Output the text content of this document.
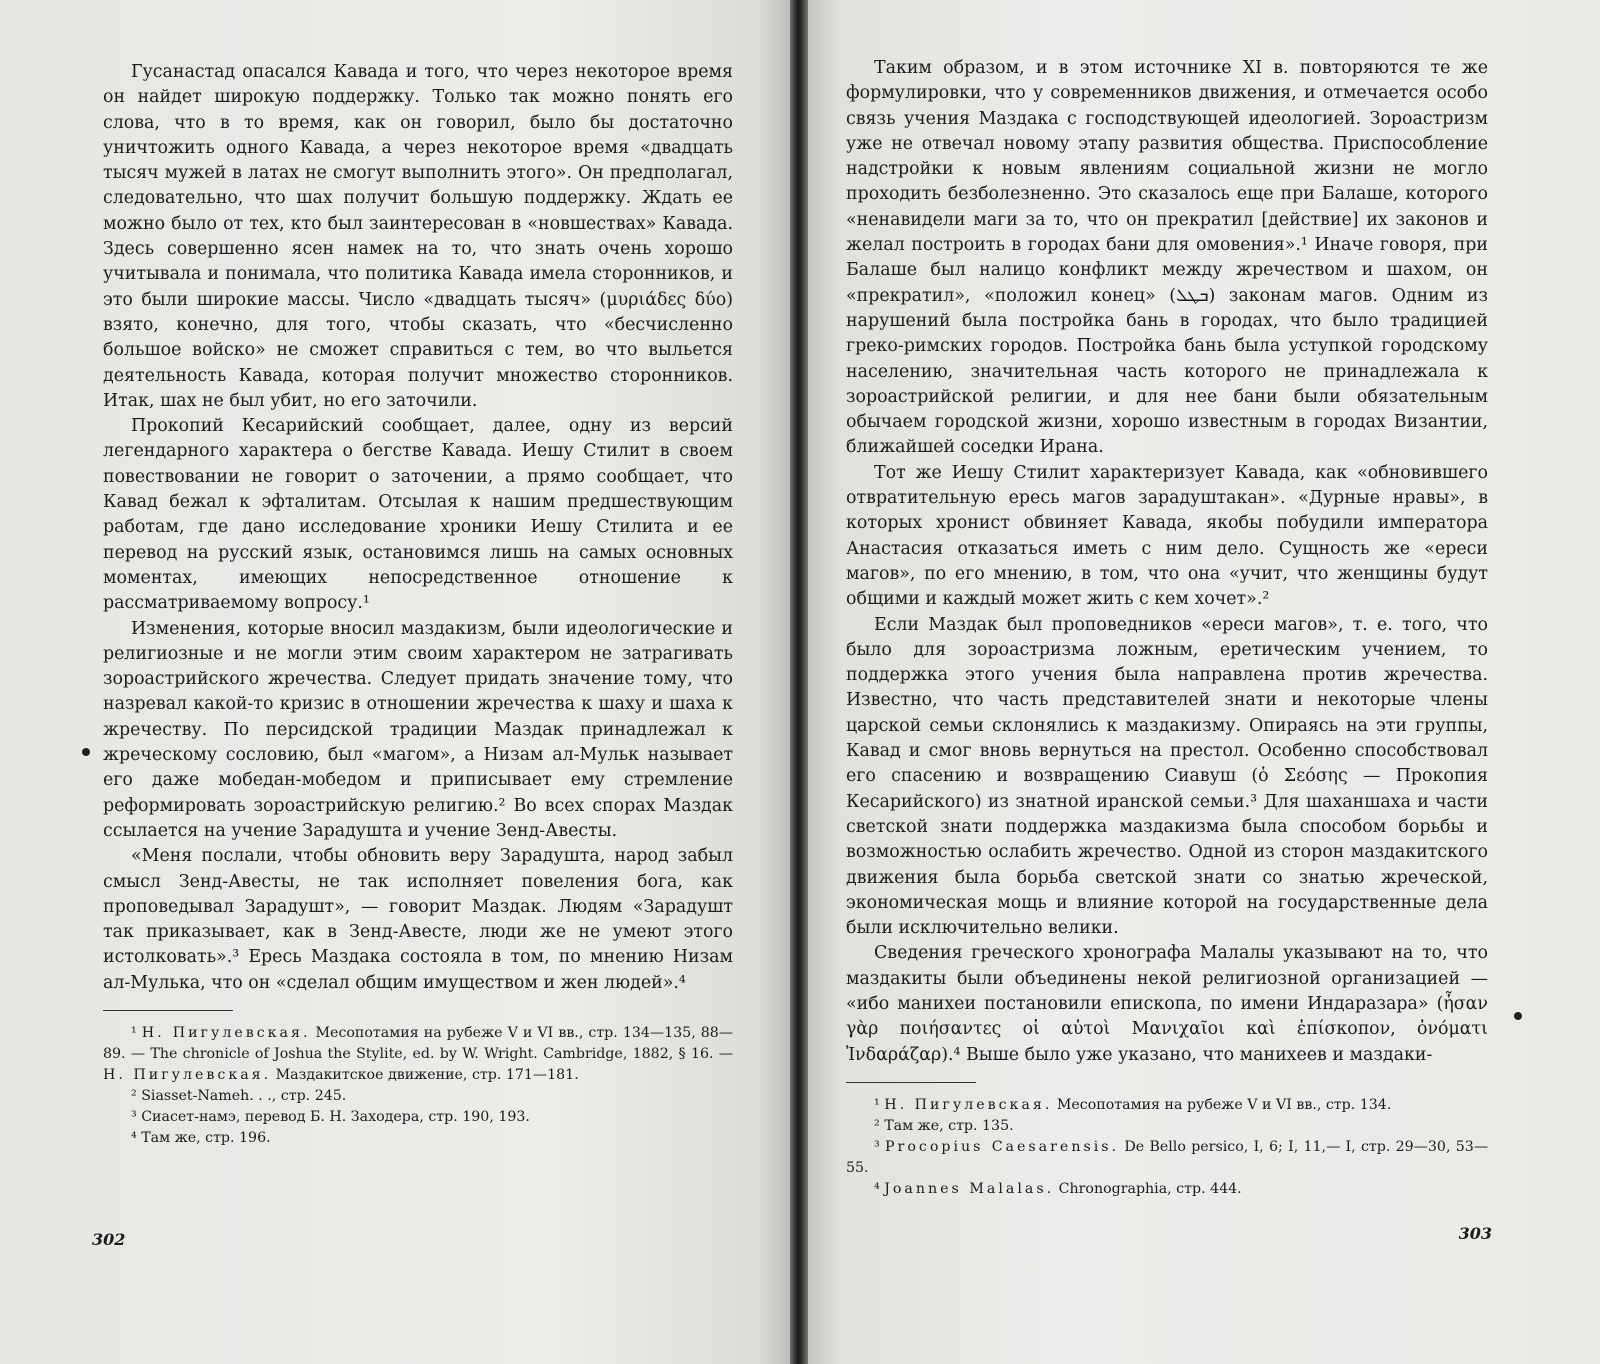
Гусанастад опасался Кавада и того, что через некоторое время он найдет широкую поддержку. Только так можно понять его слова, что в то время, как он говорил, было бы достаточно уничтожить одного Кавада, а через некоторое время «двадцать тысяч мужей в латах не смогут выполнить этого». Он предполагал, следовательно, что шах получит большую поддержку. Ждать ее можно было от тех, кто был заинтересован в «новшествах» Кавада. Здесь совершенно ясен намек на то, что знать очень хорошо учитывала и понимала, что политика Кавада имела сторонников, и это были широкие массы. Число «двадцать тысяч» (μυριάδες δύο) взято, конечно, для того, чтобы сказать, что «бесчисленно большое войско» не сможет справиться с тем, во что выльется деятельность Кавада, которая получит множество сторонников. Итак, шах не был убит, но его заточили.

Прокопий Кесарийский сообщает, далее, одну из версий легендарного характера о бегстве Кавада. Иешу Стилит в своем повествовании не говорит о заточении, а прямо сообщает, что Кавад бежал к эфталитам. Отсылая к нашим предшествующим работам, где дано исследование хроники Иешу Стилита и ее перевод на русский язык, остановимся лишь на самых основных моментах, имеющих непосредственное отношение к рассматриваемому вопросу.¹

Изменения, которые вносил маздакизм, были идеологические и религиозные и не могли этим своим характером не затрагивать зороастрийского жречества. Следует придать значение тому, что назревал какой-то кризис в отношении жречества к шаху и шаха к жречеству. По персидской традиции Маздак принадлежал к жреческому сословию, был «магом», а Низам ал-Мульк называет его даже мобедан-мобедом и приписывает ему стремление реформировать зороастрийскую религию.² Во всех спорах Маздак ссылается на учение Зарадушта и учение Зенд-Авесты.

«Меня послали, чтобы обновить веру Зарадушта, народ забыл смысл Зенд-Авесты, не так исполняет повеления бога, как проповедывал Зарадушт», — говорит Маздак. Людям «Зарадушт так приказывает, как в Зенд-Авесте, люди же не умеют этого истолковать».³ Ересь Маздака состояла в том, по мнению Низам ал-Мулька, что он «сделал общим имуществом и жен людей».⁴

¹ Н. Пигулевская. Месопотамия на рубеже V и VI вв., стр. 134—135, 88—89. — The chronicle of Joshua the Stylite, ed. by W. Wright. Cambridge, 1882, § 16. — Н. Пигулевская. Маздакитское движение, стр. 171—181.

² Siasset-Nameh. . ., стр. 245.

³ Сиасет-намэ, перевод Б. Н. Заходера, стр. 190, 193.

⁴ Там же, стр. 196.

302

Таким образом, и в этом источнике XI в. повторяются те же формулировки, что у современников движения, и отмечается особо связь учения Маздака с господствующей идеологией. Зороастризм уже не отвечал новому этапу развития общества. Приспособление надстройки к новым явлениям социальной жизни не могло проходить безболезненно. Это сказалось еще при Балаше, которого «ненавидели маги за то, что он прекратил [действие] их законов и желал построить в городах бани для омовения».¹ Иначе говоря, при Балаше был налицо конфликт между жречеством и шахом, он «прекратил», «положил конец» (ܒܛܠ) законам магов. Одним из нарушений была постройка бань в городах, что было традицией греко-римских городов. Постройка бань была уступкой городскому населению, значительная часть которого не принадлежала к зороастрийской религии, и для нее бани были обязательным обычаем городской жизни, хорошо известным в городах Византии, ближайшей соседки Ирана.

Тот же Иешу Стилит характеризует Кавада, как «обновившего отвратительную ересь магов зарадуштакан». «Дурные нравы», в которых хронист обвиняет Кавада, якобы побудили императора Анастасия отказаться иметь с ним дело. Сущность же «ереси магов», по его мнению, в том, что она «учит, что женщины будут общими и каждый может жить с кем хочет».²

Если Маздак был проповедников «ереси магов», т. е. того, что было для зороастризма ложным, еретическим учением, то поддержка этого учения была направлена против жречества. Известно, что часть представителей знати и некоторые члены царской семьи склонялись к маздакизму. Опираясь на эти группы, Кавад и смог вновь вернуться на престол. Особенно способствовал его спасению и возвращению Сиавуш (ὁ Σεόσης — Прокопия Кесарийского) из знатной иранской семьи.³ Для шаханшаха и части светской знати поддержка маздакизма была способом борьбы и возможностью ослабить жречество. Одной из сторон маздакитского движения была борьба светской знати со знатью жреческой, экономическая мощь и влияние которой на государственные дела были исключительно велики.

Сведения греческого хронографа Малалы указывают на то, что маздакиты были объединены некой религиозной организацией — «ибо манихеи постановили епископа, по имени Индаразара» (ἦσαν γὰρ ποιήσαντες οἱ αὐτοὶ Μανιχαῖοι καὶ ἐπίσκοπον, ὀνόματι Ἰνδαράζαρ).⁴ Выше было уже указано, что манихеев и маздаки-

¹ Н. Пигулевская. Месопотамия на рубеже V и VI вв., стр. 134.

² Там же, стр. 135.

³ Procopius Caesarensis. De Bello persico, I, 6; I, 11,— I, стр. 29—30, 53—55.

⁴ Joannes Malalas. Chronographia, стр. 444.

303
